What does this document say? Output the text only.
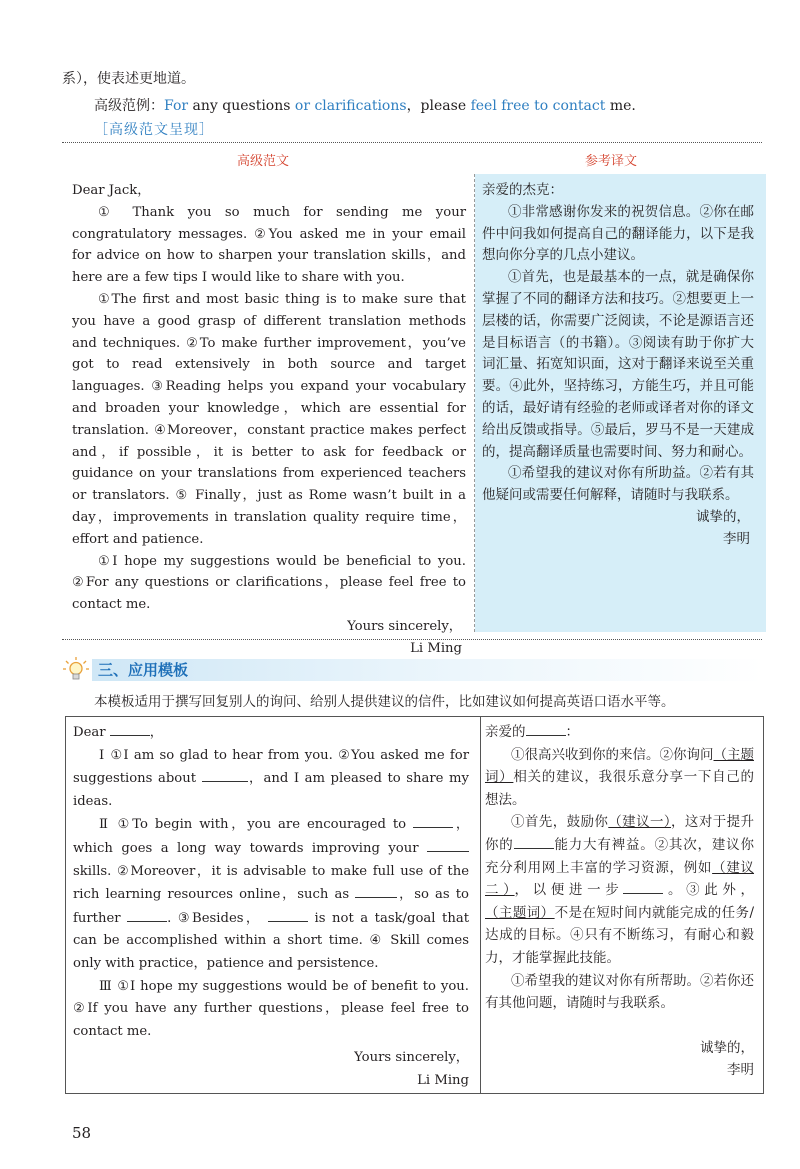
系），使表述更地道。
高级范例：For any questions or clarifications，please feel free to contact me.
［高级范文呈现］
高级范文	参考译文

Dear Jack，

① Thank you so much for sending me your congratulatory messages. ②You asked me in your email for advice on how to sharpen your translation skills，and here are a few tips I would like to share with you.

①The first and most basic thing is to make sure that you have a good grasp of different translation methods and techniques. ②To make further improvement，you’ve got to read extensively in both source and target languages. ③Reading helps you expand your vocabulary and broaden your knowledge，which are essential for translation. ④Moreover，constant practice makes perfect and，if possible，it is better to ask for feedback or guidance on your translations from experienced teachers or translators. ⑤ Finally，just as Rome wasn’t built in a day，improvements in translation quality require time，effort and patience.

①I hope my suggestions would be beneficial to you. ②For any questions or clarifications，please feel free to contact me.

Yours sincerely，

Li Ming

亲爱的杰克：

①非常感谢你发来的祝贺信息。②你在邮件中问我如何提高自己的翻译能力，以下是我想向你分享的几点小建议。

①首先，也是最基本的一点，就是确保你掌握了不同的翻译方法和技巧。②想要更上一层楼的话，你需要广泛阅读，不论是源语言还是目标语言（的书籍）。③阅读有助于你扩大词汇量、拓宽知识面，这对于翻译来说至关重要。④此外，坚持练习，方能生巧，并且可能的话，最好请有经验的老师或译者对你的译文给出反馈或指导。⑤最后，罗马不是一天建成的，提高翻译质量也需要时间、努力和耐心。

①希望我的建议对你有所助益。②若有其他疑问或需要任何解释，请随时与我联系。

诚挚的，

李明

三、应用模板
本模板适用于撰写回复别人的询问、给别人提供建议的信件，比如建议如何提高英语口语水平等。

Dear	，

Ⅰ ①I am so glad to hear from you. ②You asked me for suggestions about	，and I am pleased to share my ideas.

Ⅱ ①To begin with，you are encouraged to	，which goes a long way towards improving your  skills. ②Moreover，it is advisable to make full use of the rich learning resources online，such as	，so as to further	. ③Besides，	is not a task/goal that can be accomplished within a short time. ④ Skill comes only with practice，patience and persistence.

Ⅲ ①I hope my suggestions would be of benefit to you. ②If you have any further questions，please feel free to contact me.

Yours sincerely，

Li Ming

亲爱的	：

①很高兴收到你的来信。②你询问（主题词）相关的建议，我很乐意分享一下自己的想法。

①首先，鼓励你（建议一），这对于提升你的	能力大有裨益。②其次，建议你充分利用网上丰富的学习资源，例如（建议二），以便进一步	。③此外，（主题词）不是在短时间内就能完成的任务/达成的目标。④只有不断练习，有耐心和毅力，才能掌握此技能。

①希望我的建议对你有所帮助。②若你还有其他问题，请随时与我联系。

诚挚的，

李明

58
